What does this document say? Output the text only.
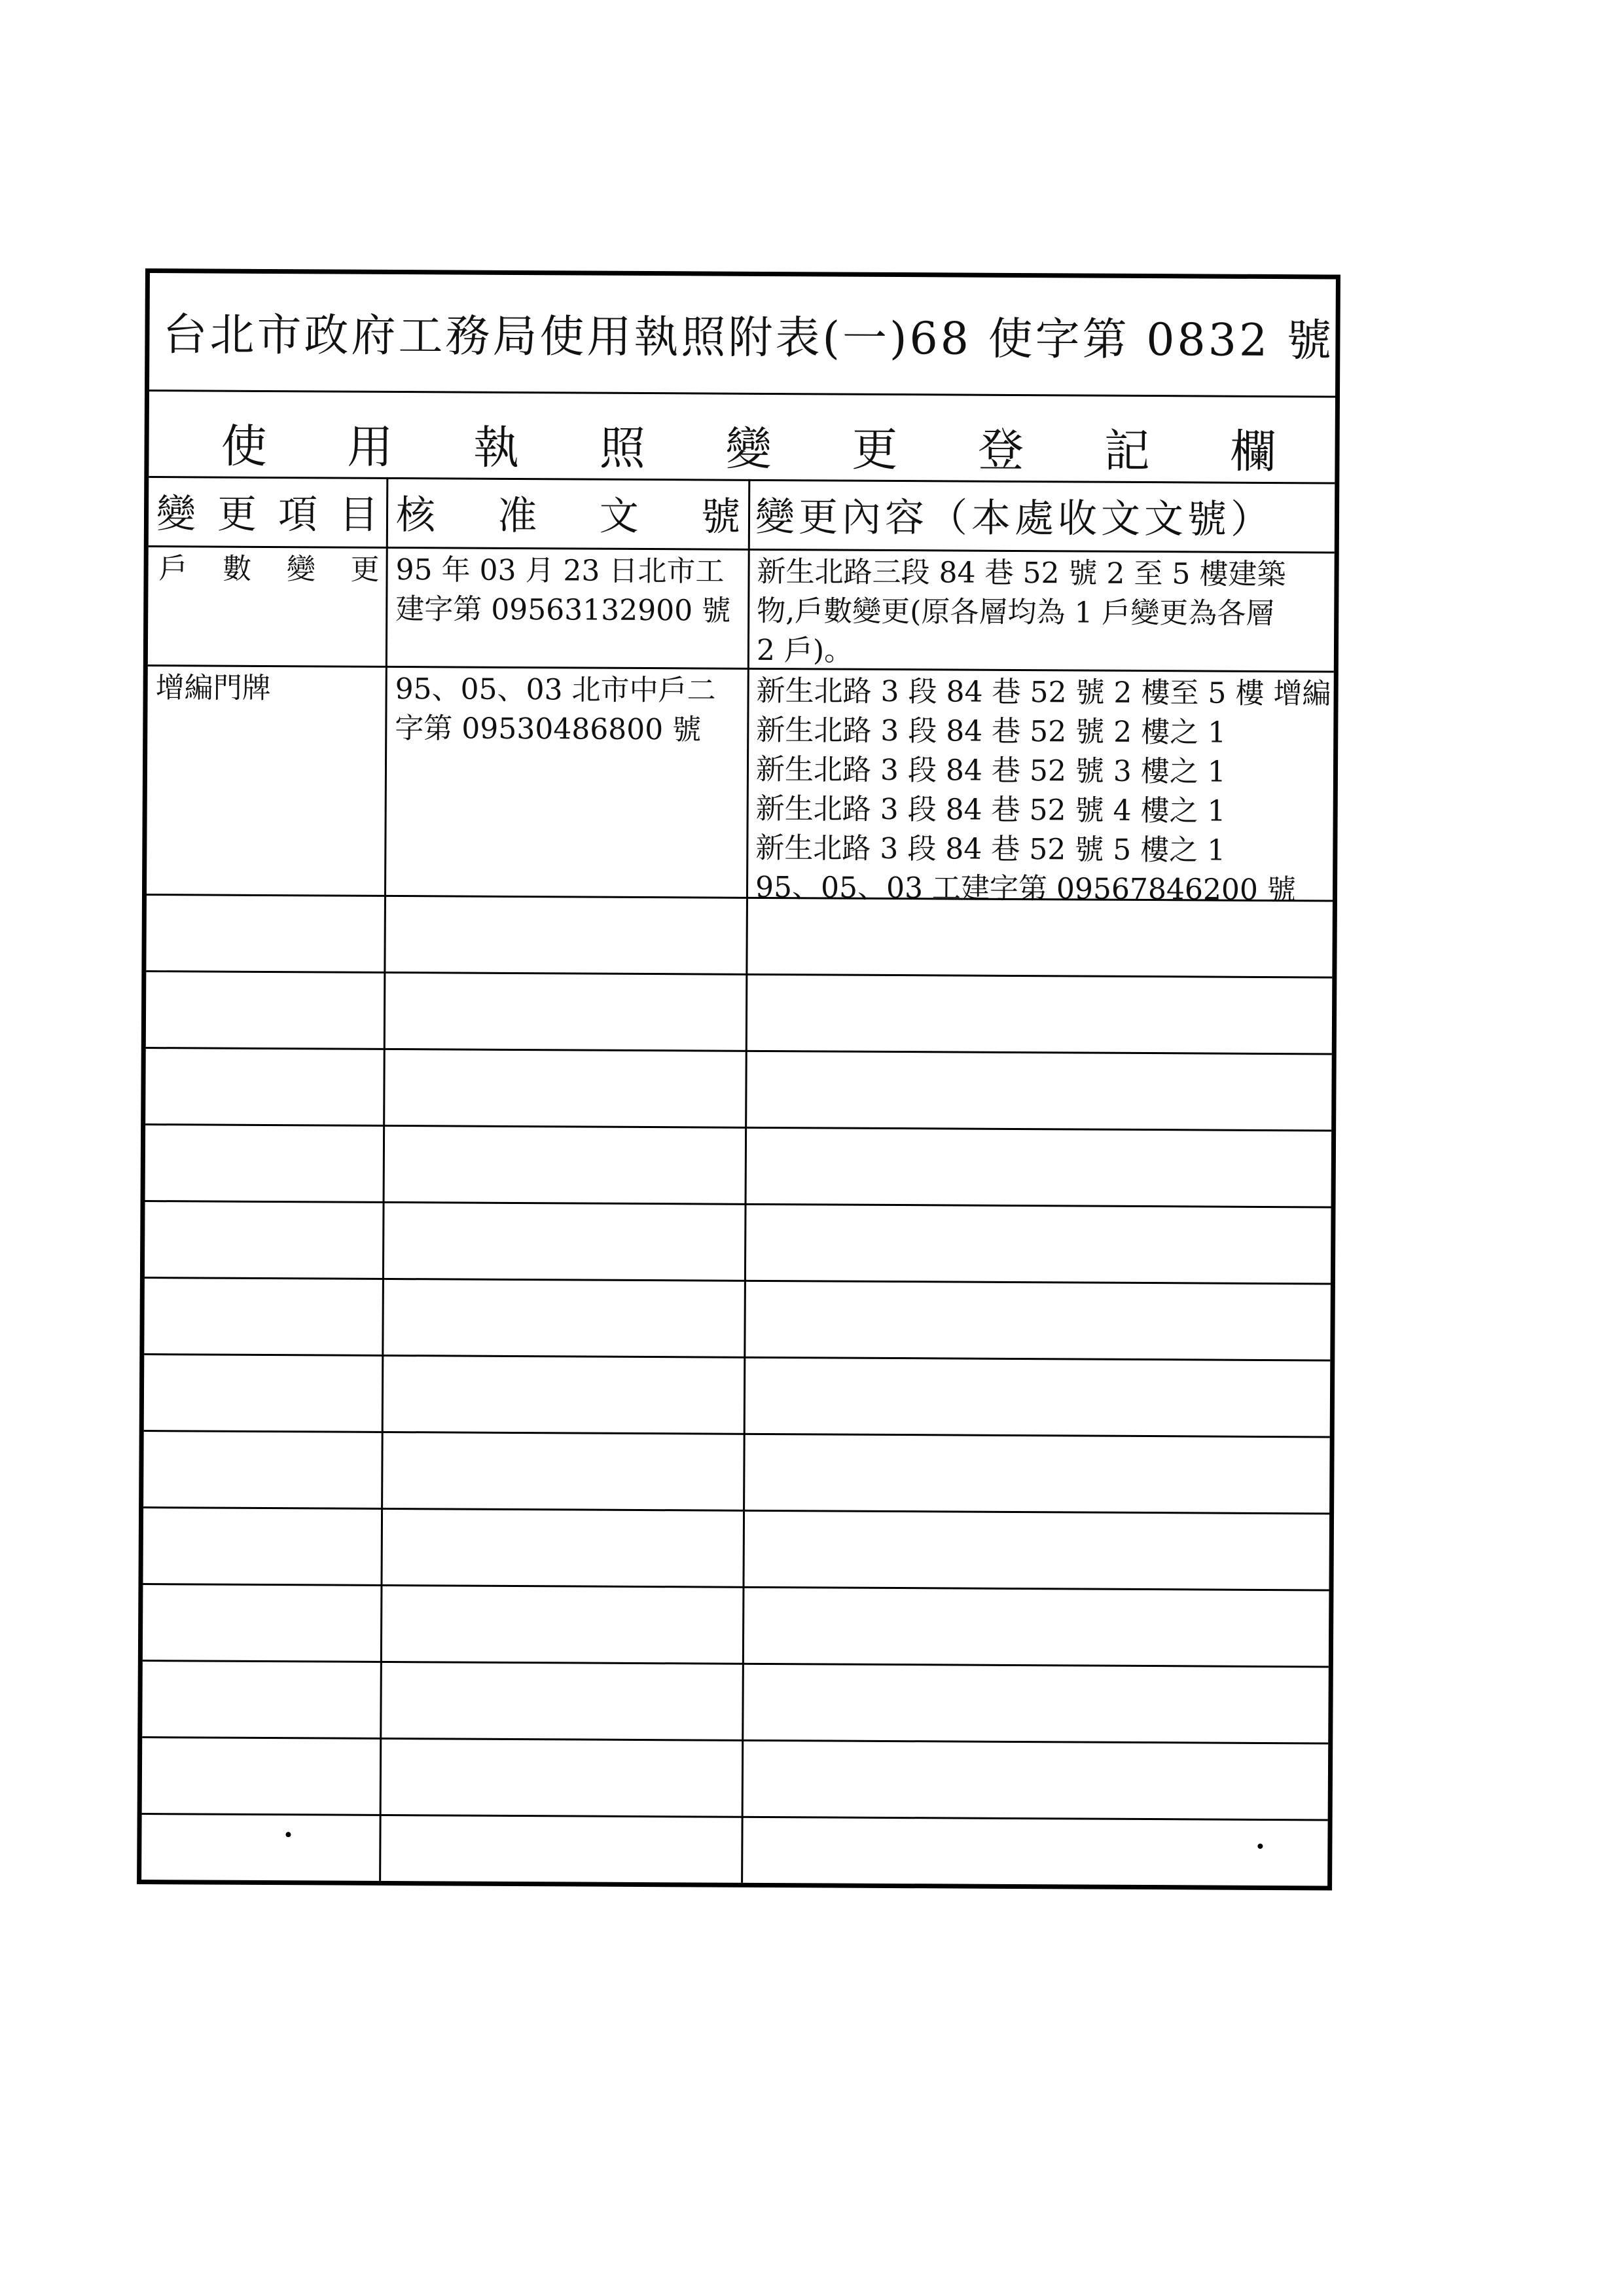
台北市政府工務局使用執照附表(一)68 使字第 0832 號
使 用 執 照 變 更 登 記 欄
變 更 項 目 核 准 文 號 變更內容（本處收文文號）
戶 數 變 更 95 年 03 月 23 日北市工
建字第 09563132900 號
新生北路三段 84 巷 52 號 2 至 5 樓建築
物,戶數變更(原各層均為 1 戶變更為各層
2 戶)。
增編門牌	95、05、03 北市中戶二
字第 09530486800 號
新生北路 3 段 84 巷 52 號 2 樓至 5 樓 增編
新生北路 3 段 84 巷 52 號 2 樓之 1
新生北路 3 段 84 巷 52 號 3 樓之 1
新生北路 3 段 84 巷 52 號 4 樓之 1
新生北路 3 段 84 巷 52 號 5 樓之 1
95、05、03 工建字第 09567846200 號
